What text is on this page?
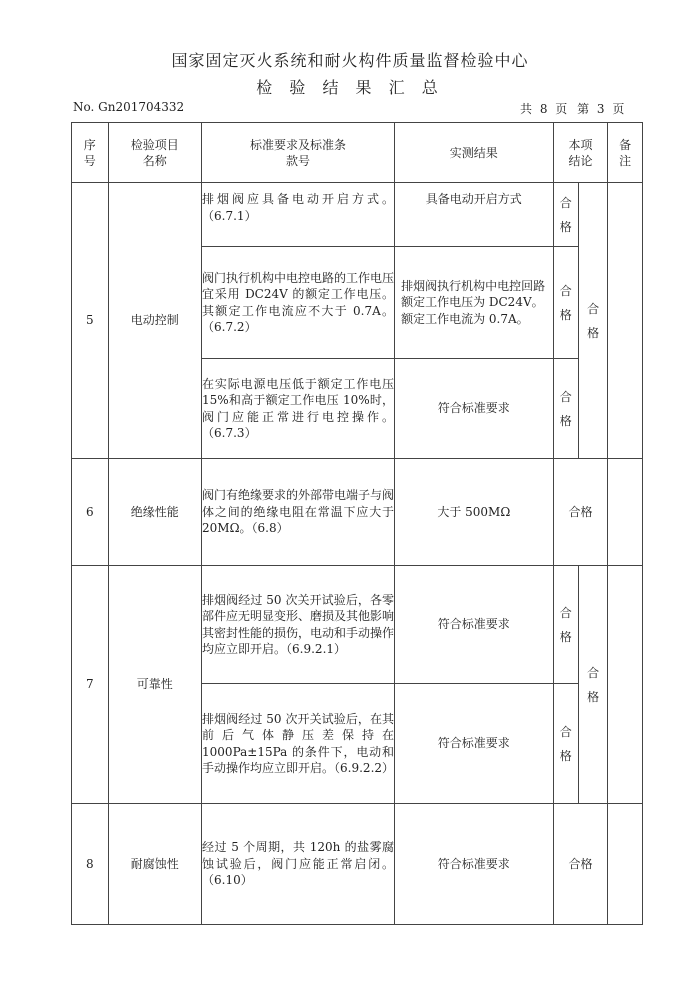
国家固定灭火系统和耐火构件质量监督检验中心
检 验 结 果 汇 总
No. Gn201704332	共 8 页 第 3 页
序号	检验项目名称	标准要求及标准条款号	实测结果	本项结论		备注
5	电动控制	排烟阀应具备电动开启方式。（6.7.1）	具备电动开启方式	合格	合格	
		阀门执行机构中电控电路的工作电压宜采用 DC24V 的额定工作电压。其额定工作电流应不大于 0.7A。（6.7.2）	排烟阀执行机构中电控回路额定工作电压为 DC24V。额定工作电流为 0.7A。	合格		
		在实际电源电压低于额定工作电压 15%和高于额定工作电压 10%时，阀门应能正常进行电控操作。（6.7.3）	符合标准要求	合格		
6	绝缘性能	阀门有绝缘要求的外部带电端子与阀体之间的绝缘电阻在常温下应大于 20MΩ。（6.8）	大于 500MΩ	合格		
7	可靠性	排烟阀经过 50 次关开试验后，各零部件应无明显变形、磨损及其他影响其密封性能的损伤，电动和手动操作均应立即开启。（6.9.2.1）	符合标准要求	合格	合格	
		排烟阀经过 50 次开关试验后，在其前后气体静压差保持在 1000Pa±15Pa 的条件下，电动和手动操作均应立即开启。（6.9.2.2）	符合标准要求	合格		
8	耐腐蚀性	经过 5 个周期，共 120h 的盐雾腐蚀试验后，阀门应能正常启闭。（6.10）	符合标准要求	合格		
